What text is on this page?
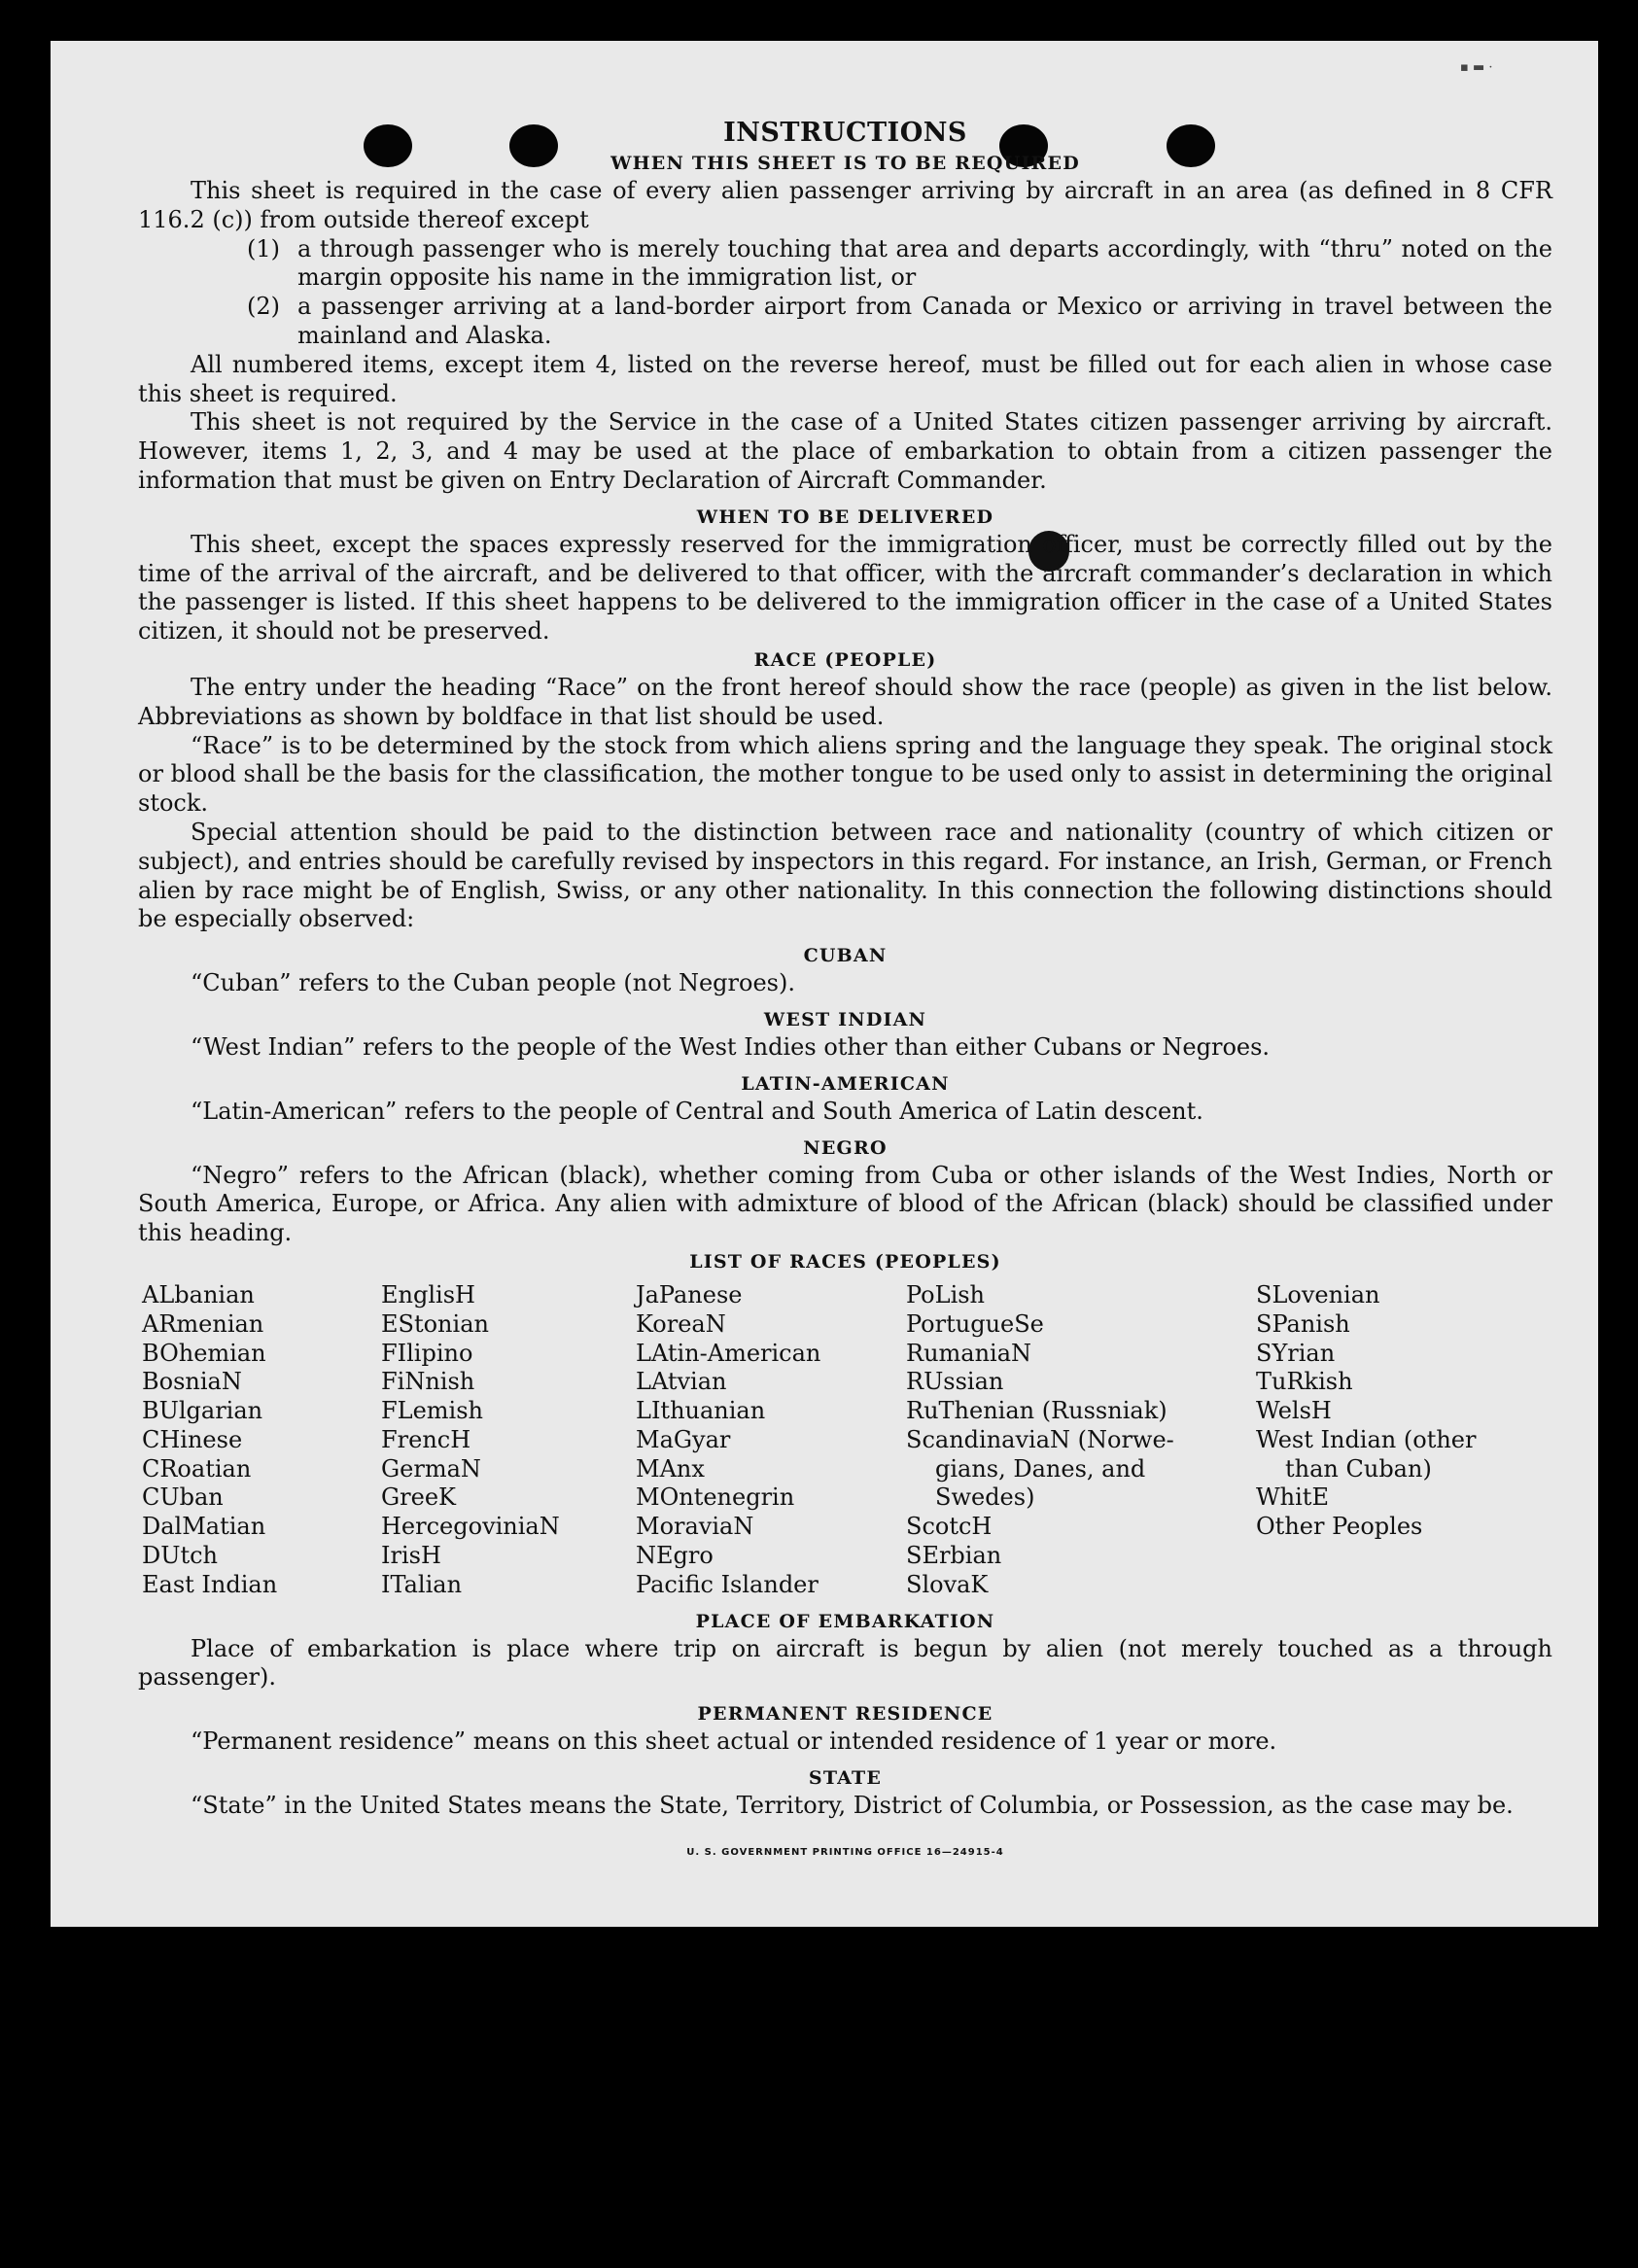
▪ ▬ ·
INSTRUCTIONS
WHEN THIS SHEET IS TO BE REQUIRED

This sheet is required in the case of every alien passenger arriving by aircraft in an area (as defined in 8 CFR 116.2 (c)) from outside thereof except

(1) a through passenger who is merely touching that area and departs accordingly, with “thru” noted on the margin opposite his name in the immigration list, or
(2) a passenger arriving at a land-border airport from Canada or Mexico or arriving in travel between the mainland and Alaska.

All numbered items, except item 4, listed on the reverse hereof, must be filled out for each alien in whose case this sheet is required.

This sheet is not required by the Service in the case of a United States citizen passenger arriving by aircraft. However, items 1, 2, 3, and 4 may be used at the place of embarkation to obtain from a citizen passenger the information that must be given on Entry Declaration of Aircraft Commander.

WHEN TO BE DELIVERED

This sheet, except the spaces expressly reserved for the immigration officer, must be correctly filled out by the time of the arrival of the aircraft, and be delivered to that officer, with the aircraft commander’s declaration in which the passenger is listed. If this sheet happens to be delivered to the immigration officer in the case of a United States citizen, it should not be preserved.

RACE (PEOPLE)

The entry under the heading “Race” on the front hereof should show the race (people) as given in the list below. Abbreviations as shown by boldface in that list should be used.

“Race” is to be determined by the stock from which aliens spring and the language they speak. The original stock or blood shall be the basis for the classification, the mother tongue to be used only to assist in determining the original stock.

Special attention should be paid to the distinction between race and nationality (country of which citizen or subject), and entries should be carefully revised by inspectors in this regard. For instance, an Irish, German, or French alien by race might be of English, Swiss, or any other nationality. In this connection the following distinctions should be especially observed:

CUBAN

“Cuban” refers to the Cuban people (not Negroes).

WEST INDIAN

“West Indian” refers to the people of the West Indies other than either Cubans or Negroes.

LATIN-AMERICAN

“Latin-American” refers to the people of Central and South America of Latin descent.

NEGRO

“Negro” refers to the African (black), whether coming from Cuba or other islands of the West Indies, North or South America, Europe, or Africa. Any alien with admixture of blood of the African (black) should be classified under this heading.

LIST OF RACES (PEOPLES)
ALbanian
ARmenian
BOhemian
BosniaN
BUlgarian
CHinese
CRoatian
CUban
DalMatian
DUtch
East Indian
EnglisH
EStonian
FIlipino
FiNnish
FLemish
FrencH
GermaN
GreeK
HercegoviniaN
IrisH
ITalian
JaPanese
KoreaN
LAtin-American
LAtvian
LIthuanian
MaGyar
MAnx
MOntenegrin
MoraviaN
NEgro
Pacific Islander
PoLish
PortugueSe
RumaniaN
RUssian
RuThenian (Russniak)
ScandinaviaN (Norwe-
gians, Danes, and
Swedes)
ScotcH
SErbian
SlovaK
SLovenian
SPanish
SYrian
TuRkish
WelsH
West Indian (other
than Cuban)
WhitE
Other Peoples
PLACE OF EMBARKATION

Place of embarkation is place where trip on aircraft is begun by alien (not merely touched as a through passenger).

PERMANENT RESIDENCE

“Permanent residence” means on this sheet actual or intended residence of 1 year or more.

STATE

“State” in the United States means the State, Territory, District of Columbia, or Possession, as the case may be.

U. S. GOVERNMENT PRINTING OFFICE 16—24915-4
